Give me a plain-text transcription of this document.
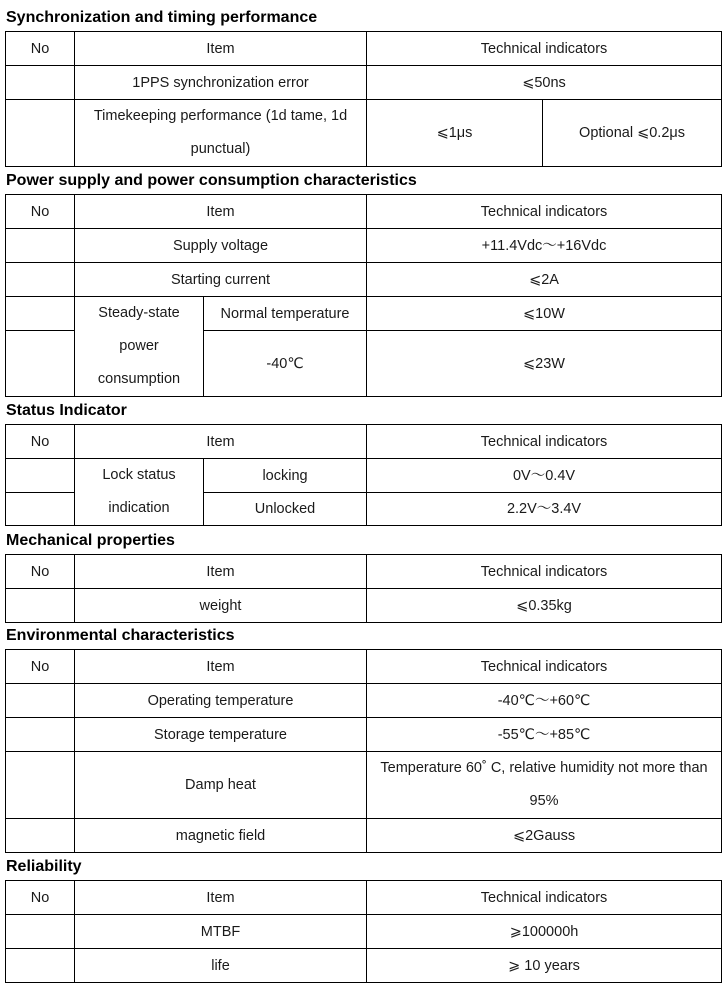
Synchronization and timing performance
No	Item	Technical indicators	
	1PPS synchronization error	⩽50ns	
	Timekeeping performance (1d tame, 1d punctual)	⩽1μs	Optional ⩽0.2μs
Power supply and power consumption characteristics
No	Item		Technical indicators
	Supply voltage		+11.4Vdc～+16Vdc
	Starting current		⩽2A
	Steady-state power consumption	Normal temperature	⩽10W
		-40℃	⩽23W
Status Indicator
No	Item		Technical indicators
	Lock status indication	locking	0V～0.4V
		Unlocked	2.2V～3.4V
Mechanical properties
No	Item	Technical indicators
	weight	⩽0.35kg
Environmental characteristics
No	Item	Technical indicators
	Operating temperature	-40℃～+60℃
	Storage temperature	-55℃～+85℃
	Damp heat	Temperature 60˚ C, relative humidity not more than 95%
	magnetic field	⩽2Gauss
Reliability
No	Item	Technical indicators
	MTBF	⩾100000h
	life	⩾ 10 years
